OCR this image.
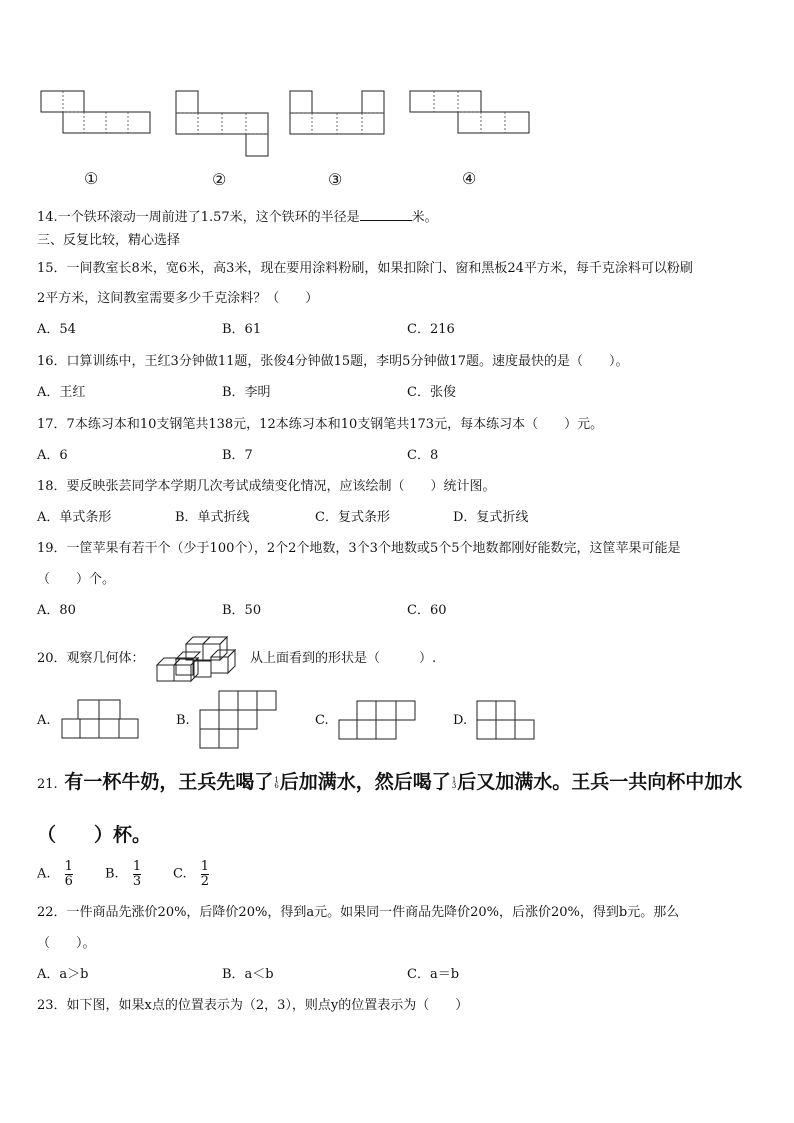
①	②	③	④
14.一个铁环滚动一周前进了1.57米，这个铁环的半径是	米。
三、反复比较，精心选择
15．一间教室长8米，宽6米，高3米，现在要用涂料粉刷，如果扣除门、窗和黑板24平方米，每千克涂料可以粉刷
2平方米，这间教室需要多少千克涂料？（　　）
A．54	B．61	C．216
16．口算训练中，王红3分钟做11题，张俊4分钟做15题，李明5分钟做17题。速度最快的是（　　）。
A．王红	B．李明	C．张俊
17．7本练习本和10支钢笔共138元，12本练习本和10支钢笔共173元，每本练习本（　　）元。
A．6	B．7	C．8
18．要反映张芸同学本学期几次考试成绩变化情况，应该绘制（　　）统计图。
A．单式条形	B．单式折线	C．复式条形	D．复式折线
19．一筐苹果有若干个（少于100个），2个2个地数，3个3个地数或5个5个地数都刚好能数完，这筐苹果可能是
（　　）个。
A．80	B．50	C．60
20．观察几何体：	从上面看到的形状是（　　　）.
A.	B.	C.	D.
21. 有一杯牛奶，王兵先喝了 1
6 后加满水，然后喝了 1
3 后又加满水。王兵一共向杯中加水
（　　）杯。
A. $\frac{1}{6} B$. $\frac{1}{3} C$. $\frac{1}{2}$
22．一件商品先涨价20%，后降价20%，得到a元。如果同一件商品先降价20%，后涨价20%，得到b元。那么
（　　）。
A．a＞b	B．a＜b	C．a＝b
23．如下图，如果x点的位置表示为（2，3），则点y的位置表示为（　　）
